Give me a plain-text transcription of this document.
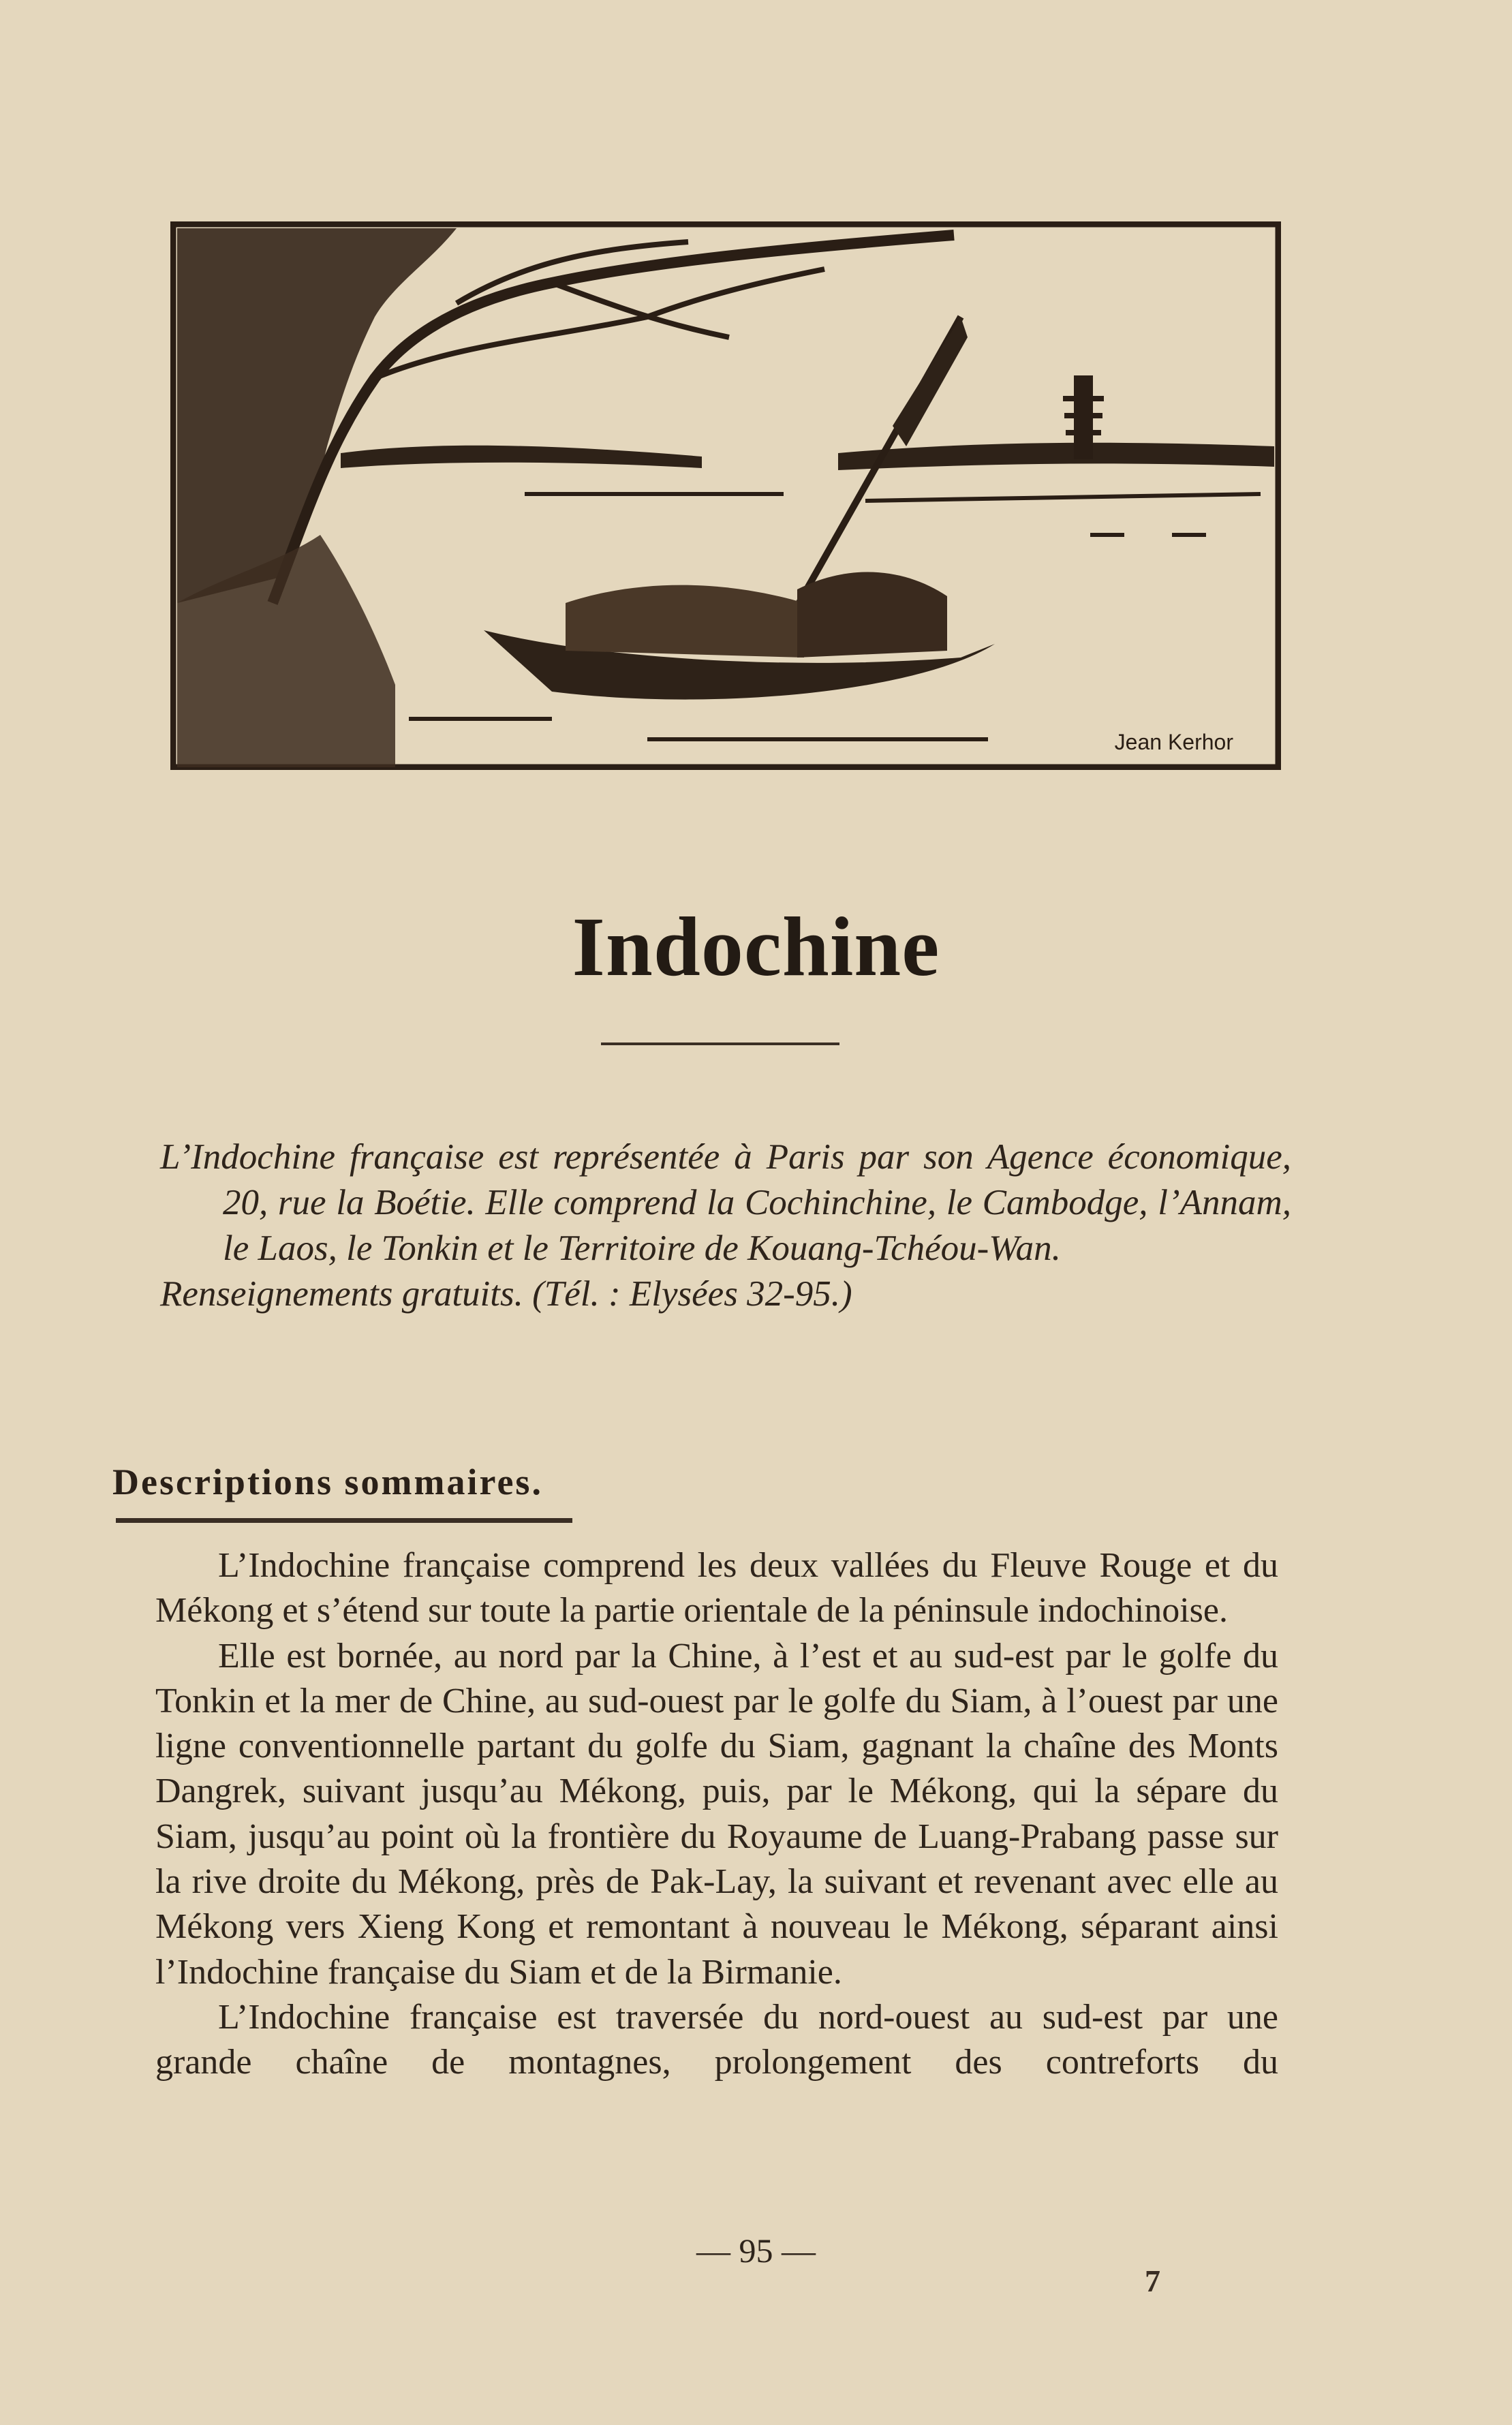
Jean Kerhor
Indochine

L’Indochine française est représentée à Paris par son Agence économique, 20, rue la Boétie. Elle comprend la Cochinchine, le Cambodge, l’Annam, le Laos, le Tonkin et le Territoire de Kouang-Tchéou-Wan.

Renseignements gratuits. (Tél. : Elysées 32-95.)

Descriptions sommaires.

L’Indochine française comprend les deux vallées du Fleuve Rouge et du Mékong et s’étend sur toute la partie orientale de la péninsule indochinoise.

Elle est bornée, au nord par la Chine, à l’est et au sud-est par le golfe du Tonkin et la mer de Chine, au sud-ouest par le golfe du Siam, à l’ouest par une ligne conventionnelle partant du golfe du Siam, gagnant la chaîne des Monts Dangrek, suivant jusqu’au Mékong, puis, par le Mékong, qui la sépare du Siam, jusqu’au point où la frontière du Royaume de Luang-Prabang passe sur la rive droite du Mékong, près de Pak-Lay, la suivant et revenant avec elle au Mékong vers Xieng Kong et remontant à nouveau le Mékong, séparant ainsi l’Indochine française du Siam et de la Birmanie.

L’Indochine française est traversée du nord-ouest au sud-est par une grande chaîne de montagnes, prolongement des contreforts du

— 95 —
7
